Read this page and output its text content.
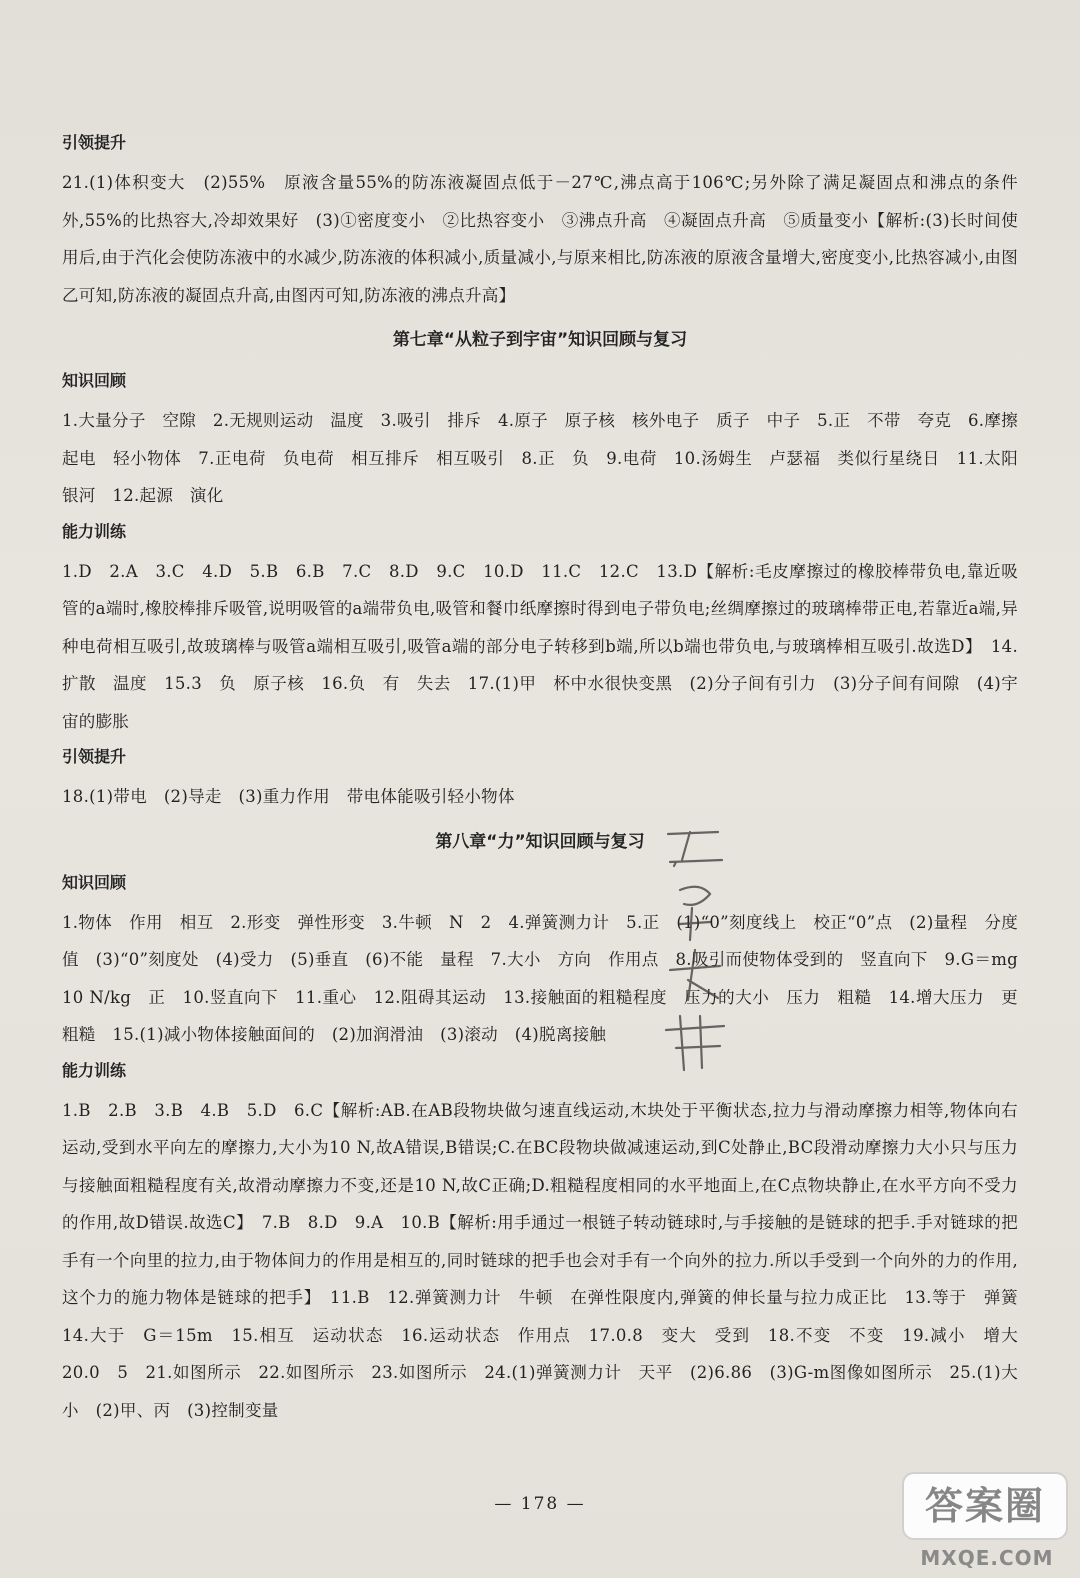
引领提升

21.(1)体积变大　(2)55%　原液含量55%的防冻液凝固点低于－27℃,沸点高于106℃;另外除了满足凝固点和沸点的条件外,55%的比热容大,冷却效果好　(3)①密度变小　②比热容变小　③沸点升高　④凝固点升高　⑤质量变小【解析:(3)长时间使用后,由于汽化会使防冻液中的水减少,防冻液的体积减小,质量减小,与原来相比,防冻液的原液含量增大,密度变小,比热容减小,由图乙可知,防冻液的凝固点升高,由图丙可知,防冻液的沸点升高】

第七章“从粒子到宇宙”知识回顾与复习
知识回顾

1.大量分子　空隙　2.无规则运动　温度　3.吸引　排斥　4.原子　原子核　核外电子　质子　中子　5.正　不带　夸克　6.摩擦起电　轻小物体　7.正电荷　负电荷　相互排斥　相互吸引　8.正　负　9.电荷　10.汤姆生　卢瑟福　类似行星绕日　11.太阳　银河　12.起源　演化

能力训练

1.D　2.A　3.C　4.D　5.B　6.B　7.C　8.D　9.C　10.D　11.C　12.C　13.D【解析:毛皮摩擦过的橡胶棒带负电,靠近吸管的a端时,橡胶棒排斥吸管,说明吸管的a端带负电,吸管和餐巾纸摩擦时得到电子带负电;丝绸摩擦过的玻璃棒带正电,若靠近a端,异种电荷相互吸引,故玻璃棒与吸管a端相互吸引,吸管a端的部分电子转移到b端,所以b端也带负电,与玻璃棒相互吸引.故选D】　14.扩散　温度　15.3　负　原子核　16.负　有　失去　17.(1)甲　杯中水很快变黑　(2)分子间有引力　(3)分子间有间隙　(4)宇宙的膨胀

引领提升

18.(1)带电　(2)导走　(3)重力作用　带电体能吸引轻小物体

第八章“力”知识回顾与复习
知识回顾

1.物体　作用　相互　2.形变　弹性形变　3.牛顿　N　2　4.弹簧测力计　5.正　(1)“0”刻度线上　校正“0”点　(2)量程　分度值　(3)“0”刻度处　(4)受力　(5)垂直　(6)不能　量程　7.大小　方向　作用点　8.吸引而使物体受到的　竖直向下　9.G＝mg　10 N/kg　正　10.竖直向下　11.重心　12.阻碍其运动　13.接触面的粗糙程度　压力的大小　压力　粗糙　14.增大压力　更粗糙　15.(1)减小物体接触面间的　(2)加润滑油　(3)滚动　(4)脱离接触

能力训练

1.B　2.B　3.B　4.B　5.D　6.C【解析:AB.在AB段物块做匀速直线运动,木块处于平衡状态,拉力与滑动摩擦力相等,物体向右运动,受到水平向左的摩擦力,大小为10 N,故A错误,B错误;C.在BC段物块做减速运动,到C处静止,BC段滑动摩擦力大小只与压力与接触面粗糙程度有关,故滑动摩擦力不变,还是10 N,故C正确;D.粗糙程度相同的水平地面上,在C点物块静止,在水平方向不受力的作用,故D错误.故选C】　7.B　8.D　9.A　10.B【解析:用手通过一根链子转动链球时,与手接触的是链球的把手.手对链球的把手有一个向里的拉力,由于物体间力的作用是相互的,同时链球的把手也会对手有一个向外的拉力.所以手受到一个向外的力的作用,这个力的施力物体是链球的把手】　11.B　12.弹簧测力计　牛顿　在弹性限度内,弹簧的伸长量与拉力成正比　13.等于　弹簧　14.大于　G＝15m　15.相互　运动状态　16.运动状态　作用点　17.0.8　变大　受到　18.不变　不变　19.减小　增大　20.0　5　21.如图所示　22.如图所示　23.如图所示　24.(1)弹簧测力计　天平　(2)6.86　(3)G-m图像如图所示　25.(1)大小　(2)甲、丙　(3)控制变量

— 178 —	答案圈
MXQE.COM
